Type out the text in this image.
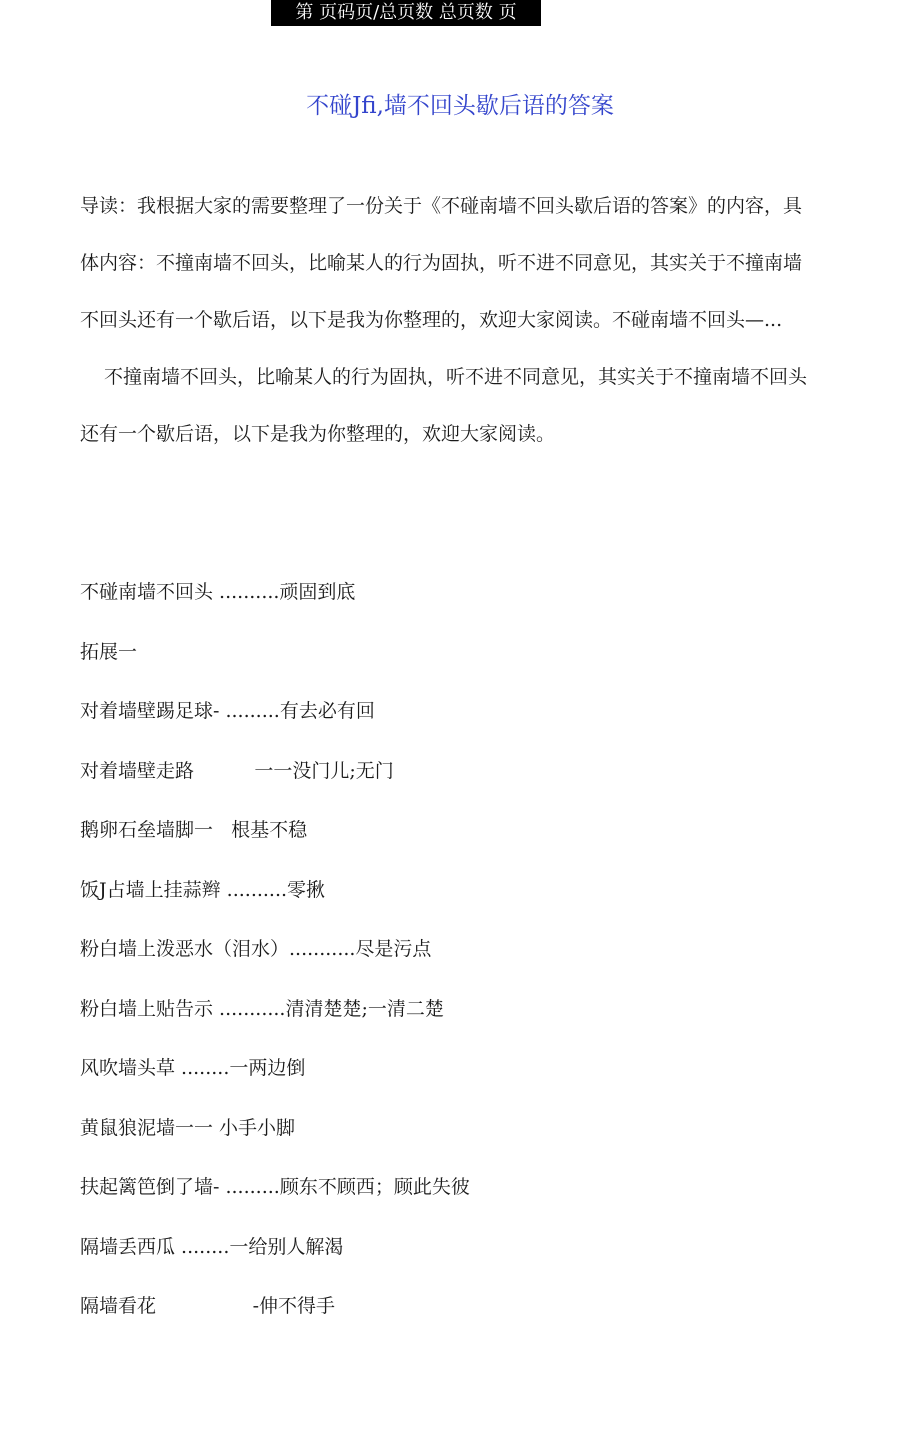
第 页码页/总页数 总页数 页
不碰Jfi,墙不回头歇后语的答案

导读：我根据大家的需要整理了一份关于《不碰南墙不回头歇后语的答案》的内容，具体内容：不撞南墙不回头，比喻某人的行为固执，听不进不同意见，其实关于不撞南墙不回头还有一个歇后语，以下是我为你整理的，欢迎大家阅读。不碰南墙不回头—...

不撞南墙不回头，比喻某人的行为固执，听不进不同意见，其实关于不撞南墙不回头还有一个歇后语，以下是我为你整理的，欢迎大家阅读。

不碰南墙不回头 ..........顽固到底
拓展一
对着墙壁踢足球- .........有去必有回
对着墙壁走路          一一没门儿;无门
鹅卵石垒墙脚一   根基不稳
饭J占墙上挂蒜辫 ..........零揪
粉白墙上泼恶水（泪水）...........尽是污点
粉白墙上贴告示 ...........清清楚楚;一清二楚
风吹墙头草 ........一两边倒
黄鼠狼泥墙一一 小手小脚
扶起篱笆倒了墙- .........顾东不顾西；顾此失彼
隔墙丢西瓜 ........一给别人解渴
隔墙看花                -伸不得手
